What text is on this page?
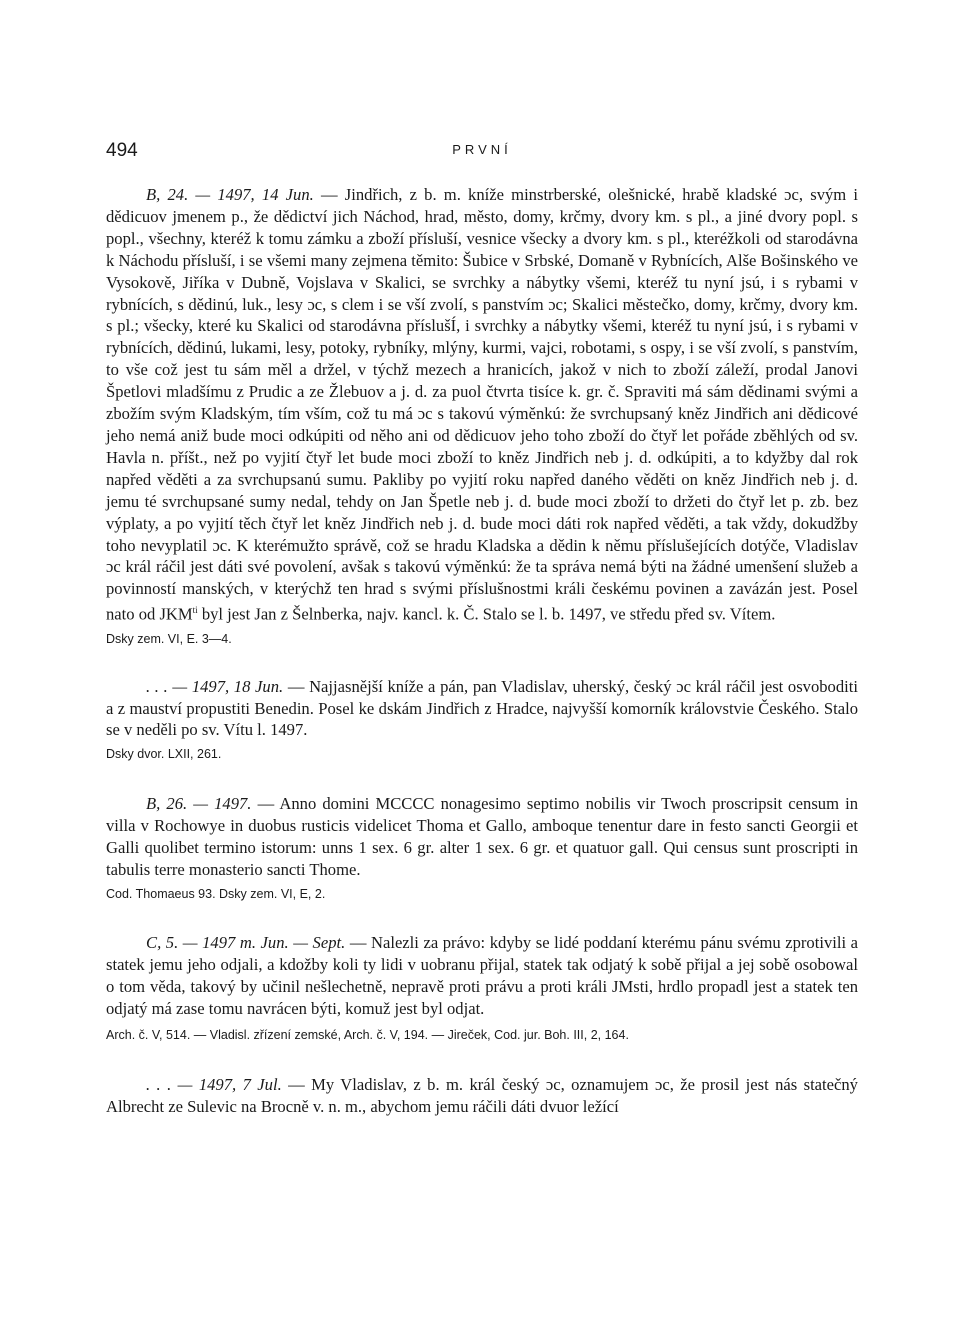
494	PRVNÍ

B, 24. — 1497, 14 Jun. — Jindřich, z b. m. kníže minstrberské, olešnické, hrabě kladské ɔc, svým i dědicuov jmenem p., že dědictví jich Náchod, hrad, město, domy, krčmy, dvory km. s pl., a jiné dvory popl. s popl., všechny, kteréž k tomu zámku a zboží přísluší, vesnice všecky a dvory km. s pl., kteréžkoli od starodávna k Náchodu přísluší, i se všemi many zejmena těmito: Šubice v Srbské, Domaně v Rybnících, Alše Bošinského ve Vysokově, Jiříka v Dubně, Vojslava v Skalici, se svrchky a nábytky všemi, kteréž tu nyní jsú, i s rybami v rybnících, s dědinú, luk., lesy ɔc, s clem i se vší zvolí, s panstvím ɔc; Skalici městečko, domy, krčmy, dvory km. s pl.; všecky, které ku Skalici od starodávna příslušÍ, i svrchky a nábytky všemi, kteréž tu nyní jsú, i s rybami v rybnících, dědinú, lukami, lesy, potoky, rybníky, mlýny, kurmi, vajci, robotami, s ospy, i se vší zvolí, s panstvím, to vše což jest tu sám měl a držel, v týchž mezech a hranicích, jakož v nich to zboží záleží, prodal Janovi Špetlovi mladšímu z Prudic a ze Žlebuov a j. d. za puol čtvrta tisíce k. gr. č. Spraviti má sám dědinami svými a zbožím svým Kladským, tím vším, což tu má ɔc s takovú výměnkú: že svrchupsaný kněz Jindřich ani dědicové jeho nemá aniž bude moci odkúpiti od něho ani od dědicuov jeho toho zboží do čtyř let pořáde zběhlých od sv. Havla n. příšt., než po vyjití čtyř let bude moci zboží to kněz Jindřich neb j. d. odkúpiti, a to kdyžby dal rok napřed věděti a za svrchupsanú sumu. Pakliby po vyjití roku napřed daného věděti on kněz Jindřich neb j. d. jemu té svrchupsané sumy nedal, tehdy on Jan Špetle neb j. d. bude moci zboží to držeti do čtyř let p. zb. bez výplaty, a po vyjití těch čtyř let kněz Jindřich neb j. d. bude moci dáti rok napřed věděti, a tak vždy, dokudžby toho nevyplatil ɔc. K kterémužto správě, což se hradu Kladska a dědin k němu příslušejících dotýče, Vladislav ɔc král ráčil jest dáti své povolení, avšak s takovú výměnkú: že ta správa nemá býti na žádné umenšení služeb a povinností manských, v kterýchž ten hrad s svými příslušnostmi králi českému povinen a zavázán jest. Posel nato od $JKM^{ti}$ byl jest Jan z Šelnberka, najv. kancl. k. Č. Stalo se l. b. 1497, ve středu před sv. Vítem.

Dsky zem. VI, E. 3—4.

. . . — 1497, 18 Jun. — Najjasnější kníže a pán, pan Vladislav, uherský, český ɔc král ráčil jest osvoboditi a z mauství propustiti Benedin. Posel ke dskám Jindřich z Hradce, najvyšší komorník královstvie Českého. Stalo se v neděli po sv. Vítu l. 1497.

Dsky dvor. LXII, 261.

B, 26. — 1497. — Anno domini MCCCC nonagesimo septimo nobilis vir Twoch proscripsit censum in villa v Rochowye in duobus rusticis videlicet Thoma et Gallo, amboque tenentur dare in festo sancti Georgii et Galli quolibet termino istorum: unns 1 sex. 6 gr. alter 1 sex. 6 gr. et quatuor gall. Qui census sunt proscripti in tabulis terre monasterio sancti Thome.

Cod. Thomaeus 93. Dsky zem. VI, E, 2.

C, 5. — 1497 m. Jun. — Sept. — Nalezli za právo: kdyby se lidé poddaní kterému pánu svému zprotivili a statek jemu jeho odjali, a kdožby koli ty lidi v uobranu přijal, statek tak odjatý k sobě přijal a jej sobě osobowal o tom věda, takový by učinil nešlechetně, nepravě proti právu a proti králi JMsti, hrdlo propadl jest a statek ten odjatý má zase tomu navrácen býti, komuž jest byl odjat.

Arch. č. V, 514. — Vladisl. zřízení zemské, Arch. č. V, 194. — Jireček, Cod. jur. Boh. III, 2, 164.

. . . — 1497, 7 Jul. — My Vladislav, z b. m. král český ɔc, oznamujem ɔc, že prosil jest nás statečný Albrecht ze Sulevic na Brocně v. n. m., abychom jemu ráčili dáti dvuor ležící
